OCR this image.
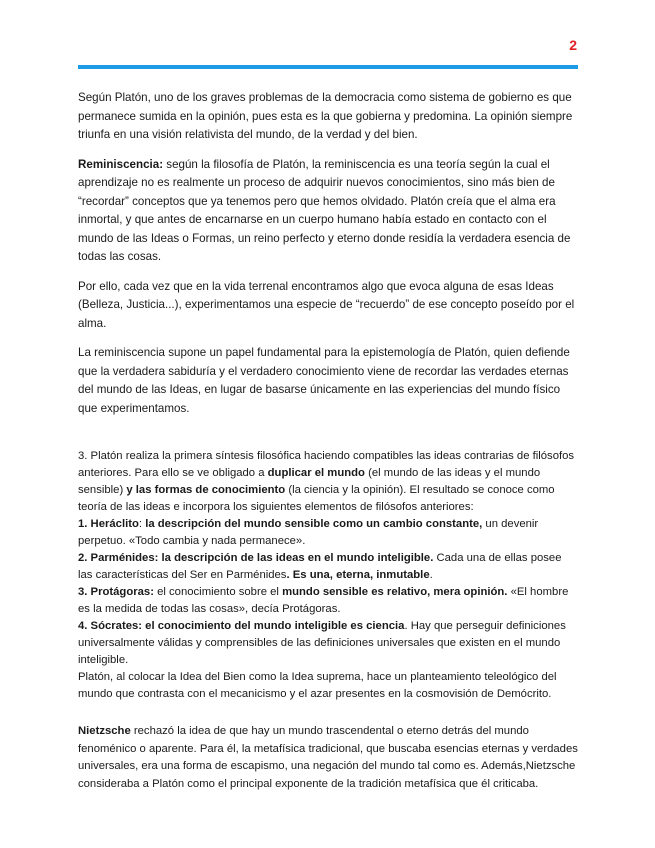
2

Según Platón, uno de los graves problemas de la democracia como sistema de gobierno es que permanece sumida en la opinión, pues esta es la que gobierna y predomina. La opinión siempre triunfa en una visión relativista del mundo, de la verdad y del bien.

Reminiscencia: según la filosofía de Platón, la reminiscencia es una teoría según la cual el aprendizaje no es realmente un proceso de adquirir nuevos conocimientos, sino más bien de “recordar” conceptos que ya tenemos pero que hemos olvidado. Platón creía que el alma era inmortal, y que antes de encarnarse en un cuerpo humano había estado en contacto con el mundo de las Ideas o Formas, un reino perfecto y eterno donde residía la verdadera esencia de todas las cosas.

Por ello, cada vez que en la vida terrenal encontramos algo que evoca alguna de esas Ideas (Belleza, Justicia...), experimentamos una especie de “recuerdo” de ese concepto poseído por el alma.

La reminiscencia supone un papel fundamental para la epistemología de Platón, quien defiende que la verdadera sabiduría y el verdadero conocimiento viene de recordar las verdades eternas del mundo de las Ideas, en lugar de basarse únicamente en las experiencias del mundo físico que experimentamos.

3. Platón realiza la primera síntesis filosófica haciendo compatibles las ideas contrarias de filósofos anteriores. Para ello se ve obligado a duplicar el mundo (el mundo de las ideas y el mundo sensible) y las formas de conocimiento (la ciencia y la opinión). El resultado se conoce como teoría de las ideas e incorpora los siguientes elementos de filósofos anteriores:

1. Heráclito: la descripción del mundo sensible como un cambio constante, un devenir perpetuo. «Todo cambia y nada permanece».

2. Parménides: la descripción de las ideas en el mundo inteligible. Cada una de ellas posee las características del Ser en Parménides. Es una, eterna, inmutable.

3. Protágoras: el conocimiento sobre el mundo sensible es relativo, mera opinión. «El hombre es la medida de todas las cosas», decía Protágoras.

4. Sócrates: el conocimiento del mundo inteligible es ciencia. Hay que perseguir definiciones universalmente válidas y comprensibles de las definiciones universales que existen en el mundo inteligible.

Platón, al colocar la Idea del Bien como la Idea suprema, hace un planteamiento teleológico del mundo que contrasta con el mecanicismo y el azar presentes en la cosmovisión de Demócrito.

Nietzsche rechazó la idea de que hay un mundo trascendental o eterno detrás del mundo fenoménico o aparente. Para él, la metafísica tradicional, que buscaba esencias eternas y verdades universales, era una forma de escapismo, una negación del mundo tal como es. Además,Nietzsche consideraba a Platón como el principal exponente de la tradición metafísica que él criticaba.
